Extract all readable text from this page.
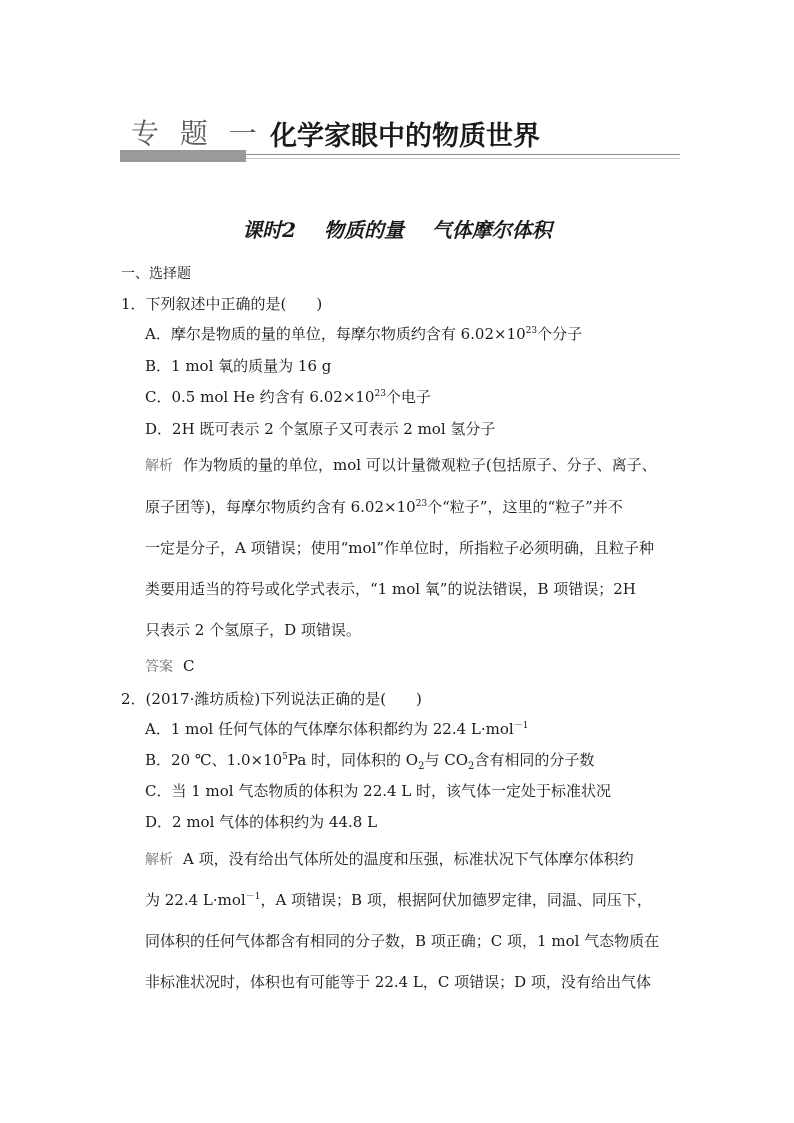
专 题 一 化学家眼中的物质世界
课时2    物质的量    气体摩尔体积
一、选择题
1．下列叙述中正确的是(　　)
A．摩尔是物质的量的单位，每摩尔物质约含有 $6.02\times 10^{23}$个分子
B．1 mol 氧的质量为 16 g
C．0.5 mol He 约含有 $6.02\times 10^{23}$个电子
D．2H 既可表示 2 个氢原子又可表示 2 mol 氢分子
解析 作为物质的量的单位，mol 可以计量微观粒子(包括原子、分子、离子、
原子团等)，每摩尔物质约含有 $6.02\times 10^{23}$个“粒子”，这里的“粒子”并不
一定是分子，A 项错误；使用“mol”作单位时，所指粒子必须明确，且粒子种
类要用适当的符号或化学式表示，“1 mol 氧”的说法错误，B 项错误；2H
只表示 2 个氢原子，D 项错误。
答案 C
2．(2017·潍坊质检)下列说法正确的是(　　)
A．1 mol 任何气体的气体摩尔体积都约为 22.4 L·mol$^{-1}$
B．20 ℃、$1.0\times 10^5Pa$ 时，同体积的 $O_2$与 $CO_2$含有相同的分子数
C．当 1 mol 气态物质的体积为 22.4 L 时，该气体一定处于标准状况
D．2 mol 气体的体积约为 44.8 L
解析 A 项，没有给出气体所处的温度和压强，标准状况下气体摩尔体积约
为 22.4 L·mol$^{-1}$，A 项错误；B 项，根据阿伏加德罗定律，同温、同压下，
同体积的任何气体都含有相同的分子数，B 项正确；C 项，1 mol 气态物质在
非标准状况时，体积也有可能等于 22.4 L，C 项错误；D 项，没有给出气体
